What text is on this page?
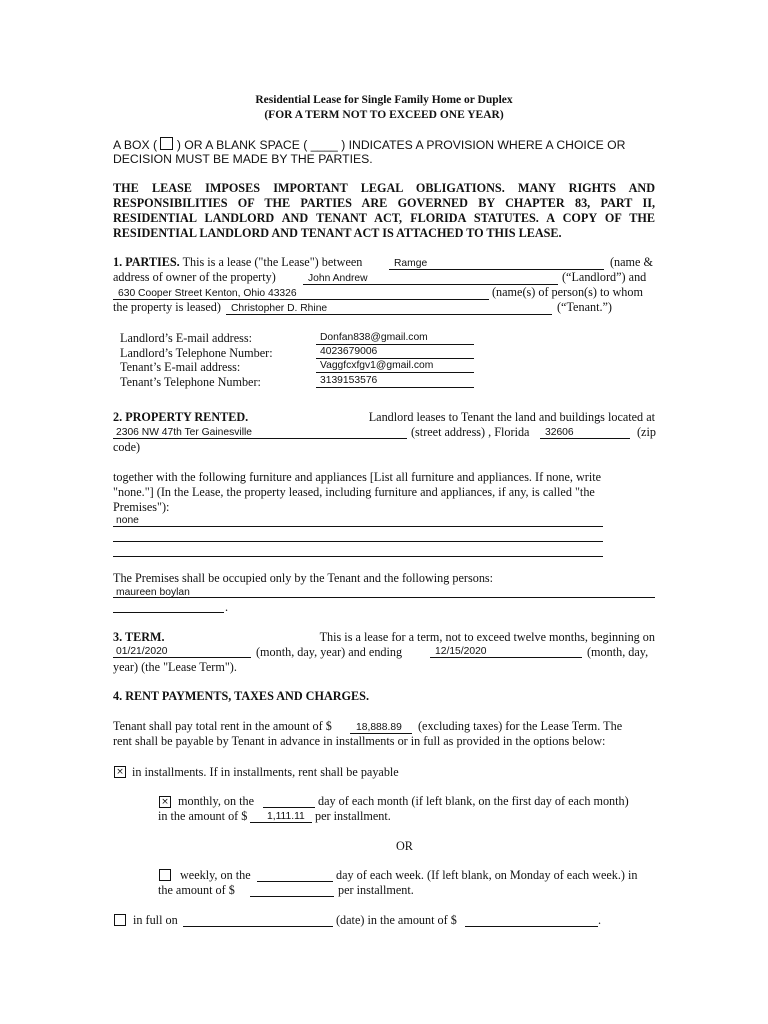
Residential Lease for Single Family Home or Duplex
(FOR A TERM NOT TO EXCEED ONE YEAR)
A BOX ( ) OR A BLANK SPACE ( ____ ) INDICATES A PROVISION WHERE A CHOICE OR
DECISION MUST BE MADE BY THE PARTIES.
THE LEASE IMPOSES IMPORTANT LEGAL OBLIGATIONS. MANY RIGHTS AND
RESPONSIBILITIES OF THE PARTIES ARE GOVERNED BY CHAPTER 83, PART II,
RESIDENTIAL LANDLORD AND TENANT ACT, FLORIDA STATUTES. A COPY OF THE
RESIDENTIAL LANDLORD AND TENANT ACT IS ATTACHED TO THIS LEASE.
1. PARTIES. This is a lease ("the Lease") between	Ramge	(name &
address of owner of the property)	John Andrew	(“Landlord”) and
630 Cooper Street Kenton, Ohio 43326	(name(s) of person(s) to whom
the property is leased) Christopher D. Rhine	(“Tenant.”)
Landlord’s E-mail address:	Donfan838@gmail.com
Landlord’s Telephone Number:	4023679006
Tenant’s E-mail address:	Vaggfcxfgv1@gmail.com
Tenant’s Telephone Number:	3139153576
2. PROPERTY RENTED.	Landlord leases to Tenant the land and buildings located at
2306 NW 47th Ter Gainesville	(street address) , Florida 32606	(zip
code)
together with the following furniture and appliances [List all furniture and appliances. If none, write
"none."] (In the Lease, the property leased, including furniture and appliances, if any, is called "the
Premises"):
none
The Premises shall be occupied only by the Tenant and the following persons:
maureen boylan
.
3. TERM.	This is a lease for a term, not to exceed twelve months, beginning on
01/21/2020	(month, day, year) and ending	12/15/2020	(month, day,
year) (the "Lease Term").
4. RENT PAYMENTS, TAXES AND CHARGES.
Tenant shall pay total rent in the amount of $ 18,888.89 (excluding taxes) for the Lease Term. The
rent shall be payable by Tenant in advance in installments or in full as provided in the options below:
× in installments. If in installments, rent shall be payable
× monthly, on the	day of each month (if left blank, on the first day of each month)
in the amount of $ 1,111.11 per installment.
OR
weekly, on the	day of each week. (If left blank, on Monday of each week.) in
the amount of $	per installment.
in full on	(date) in the amount of $	.
